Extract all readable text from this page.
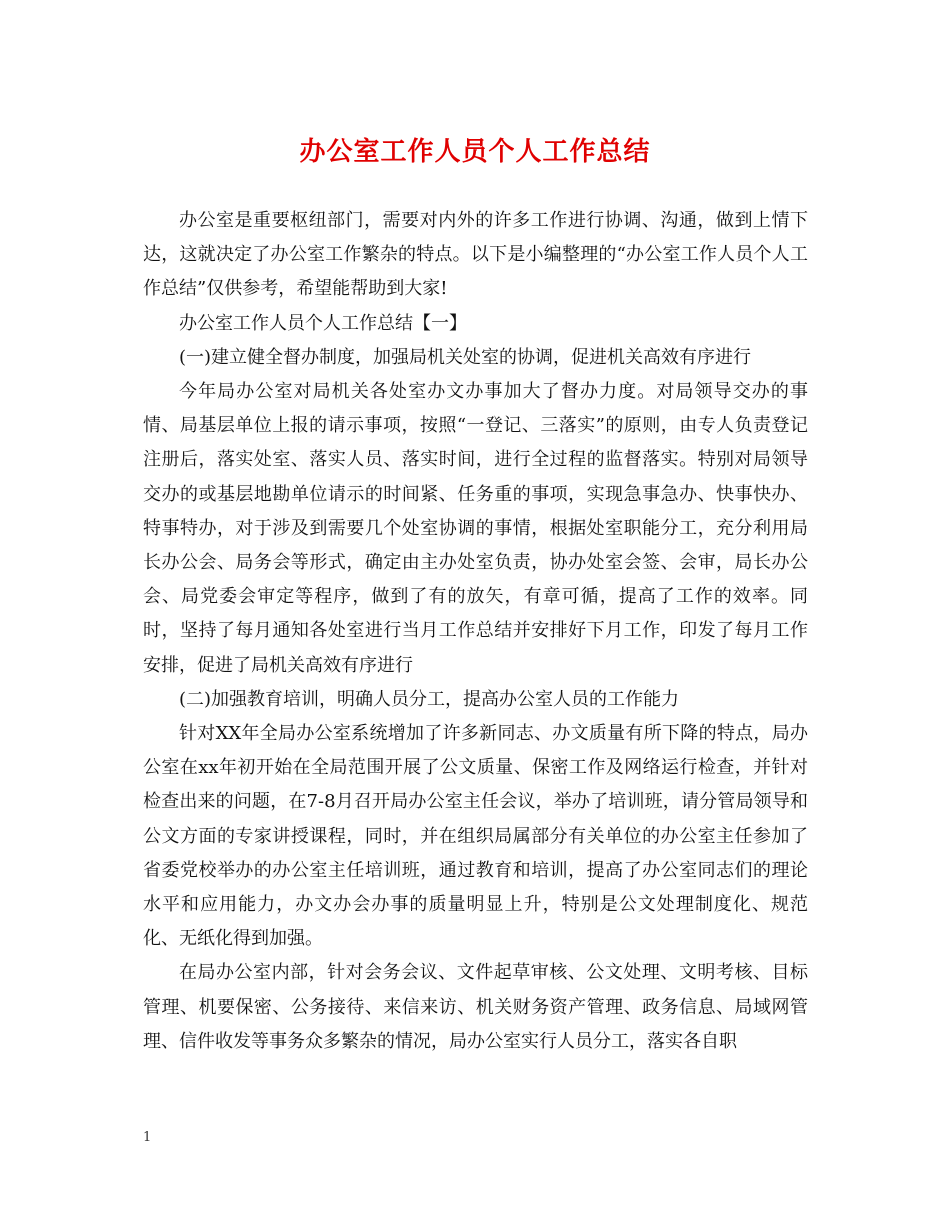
办公室工作人员个人工作总结

办公室是重要枢纽部门，需要对内外的许多工作进行协调、沟通，做到上情下达，这就决定了办公室工作繁杂的特点。以下是小编整理的“办公室工作人员个人工作总结”仅供参考，希望能帮助到大家!

办公室工作人员个人工作总结【一】

(一)建立健全督办制度，加强局机关处室的协调，促进机关高效有序进行

今年局办公室对局机关各处室办文办事加大了督办力度。对局领导交办的事情、局基层单位上报的请示事项，按照“一登记、三落实”的原则，由专人负责登记注册后，落实处室、落实人员、落实时间，进行全过程的监督落实。特别对局领导交办的或基层地勘单位请示的时间紧、任务重的事项，实现急事急办、快事快办、特事特办，对于涉及到需要几个处室协调的事情，根据处室职能分工，充分利用局长办公会、局务会等形式，确定由主办处室负责，协办处室会签、会审，局长办公会、局党委会审定等程序，做到了有的放矢，有章可循，提高了工作的效率。同时，坚持了每月通知各处室进行当月工作总结并安排好下月工作，印发了每月工作安排，促进了局机关高效有序进行

(二)加强教育培训，明确人员分工，提高办公室人员的工作能力

针对XX年全局办公室系统增加了许多新同志、办文质量有所下降的特点，局办公室在xx年初开始在全局范围开展了公文质量、保密工作及网络运行检查，并针对检查出来的问题，在7-8月召开局办公室主任会议，举办了培训班，请分管局领导和公文方面的专家讲授课程，同时，并在组织局属部分有关单位的办公室主任参加了省委党校举办的办公室主任培训班，通过教育和培训，提高了办公室同志们的理论水平和应用能力，办文办会办事的质量明显上升，特别是公文处理制度化、规范化、无纸化得到加强。

在局办公室内部，针对会务会议、文件起草审核、公文处理、文明考核、目标管理、机要保密、公务接待、来信来访、机关财务资产管理、政务信息、局域网管理、信件收发等事务众多繁杂的情况，局办公室实行人员分工，落实各自职

1
